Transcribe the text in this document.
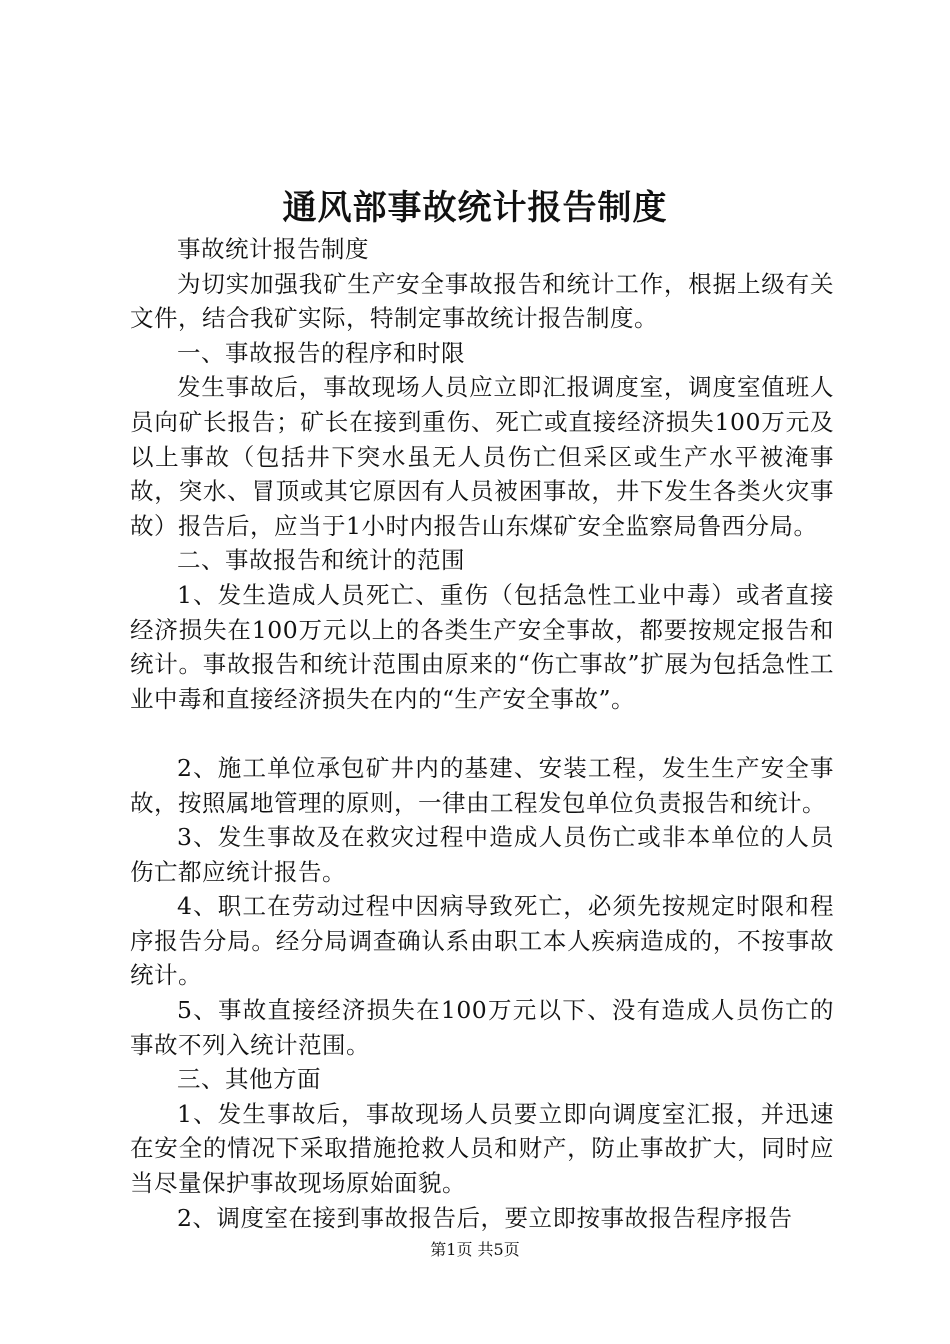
通风部事故统计报告制度

事故统计报告制度

为切实加强我矿生产安全事故报告和统计工作，根据上级有关文件，结合我矿实际，特制定事故统计报告制度。

一、事故报告的程序和时限

发生事故后，事故现场人员应立即汇报调度室，调度室值班人员向矿长报告；矿长在接到重伤、死亡或直接经济损失100万元及以上事故（包括井下突水虽无人员伤亡但采区或生产水平被淹事故，突水、冒顶或其它原因有人员被困事故，井下发生各类火灾事故）报告后，应当于1小时内报告山东煤矿安全监察局鲁西分局。

二、事故报告和统计的范围

1、发生造成人员死亡、重伤（包括急性工业中毒）或者直接经济损失在100万元以上的各类生产安全事故，都要按规定报告和统计。事故报告和统计范围由原来的“伤亡事故”扩展为包括急性工业中毒和直接经济损失在内的“生产安全事故”。

2、施工单位承包矿井内的基建、安装工程，发生生产安全事故，按照属地管理的原则，一律由工程发包单位负责报告和统计。

3、发生事故及在救灾过程中造成人员伤亡或非本单位的人员伤亡都应统计报告。

4、职工在劳动过程中因病导致死亡，必须先按规定时限和程序报告分局。经分局调查确认系由职工本人疾病造成的，不按事故统计。

5、事故直接经济损失在100万元以下、没有造成人员伤亡的事故不列入统计范围。

三、其他方面

1、发生事故后，事故现场人员要立即向调度室汇报，并迅速在安全的情况下采取措施抢救人员和财产，防止事故扩大，同时应当尽量保护事故现场原始面貌。

2、调度室在接到事故报告后，要立即按事故报告程序报告

第1页 共5页
